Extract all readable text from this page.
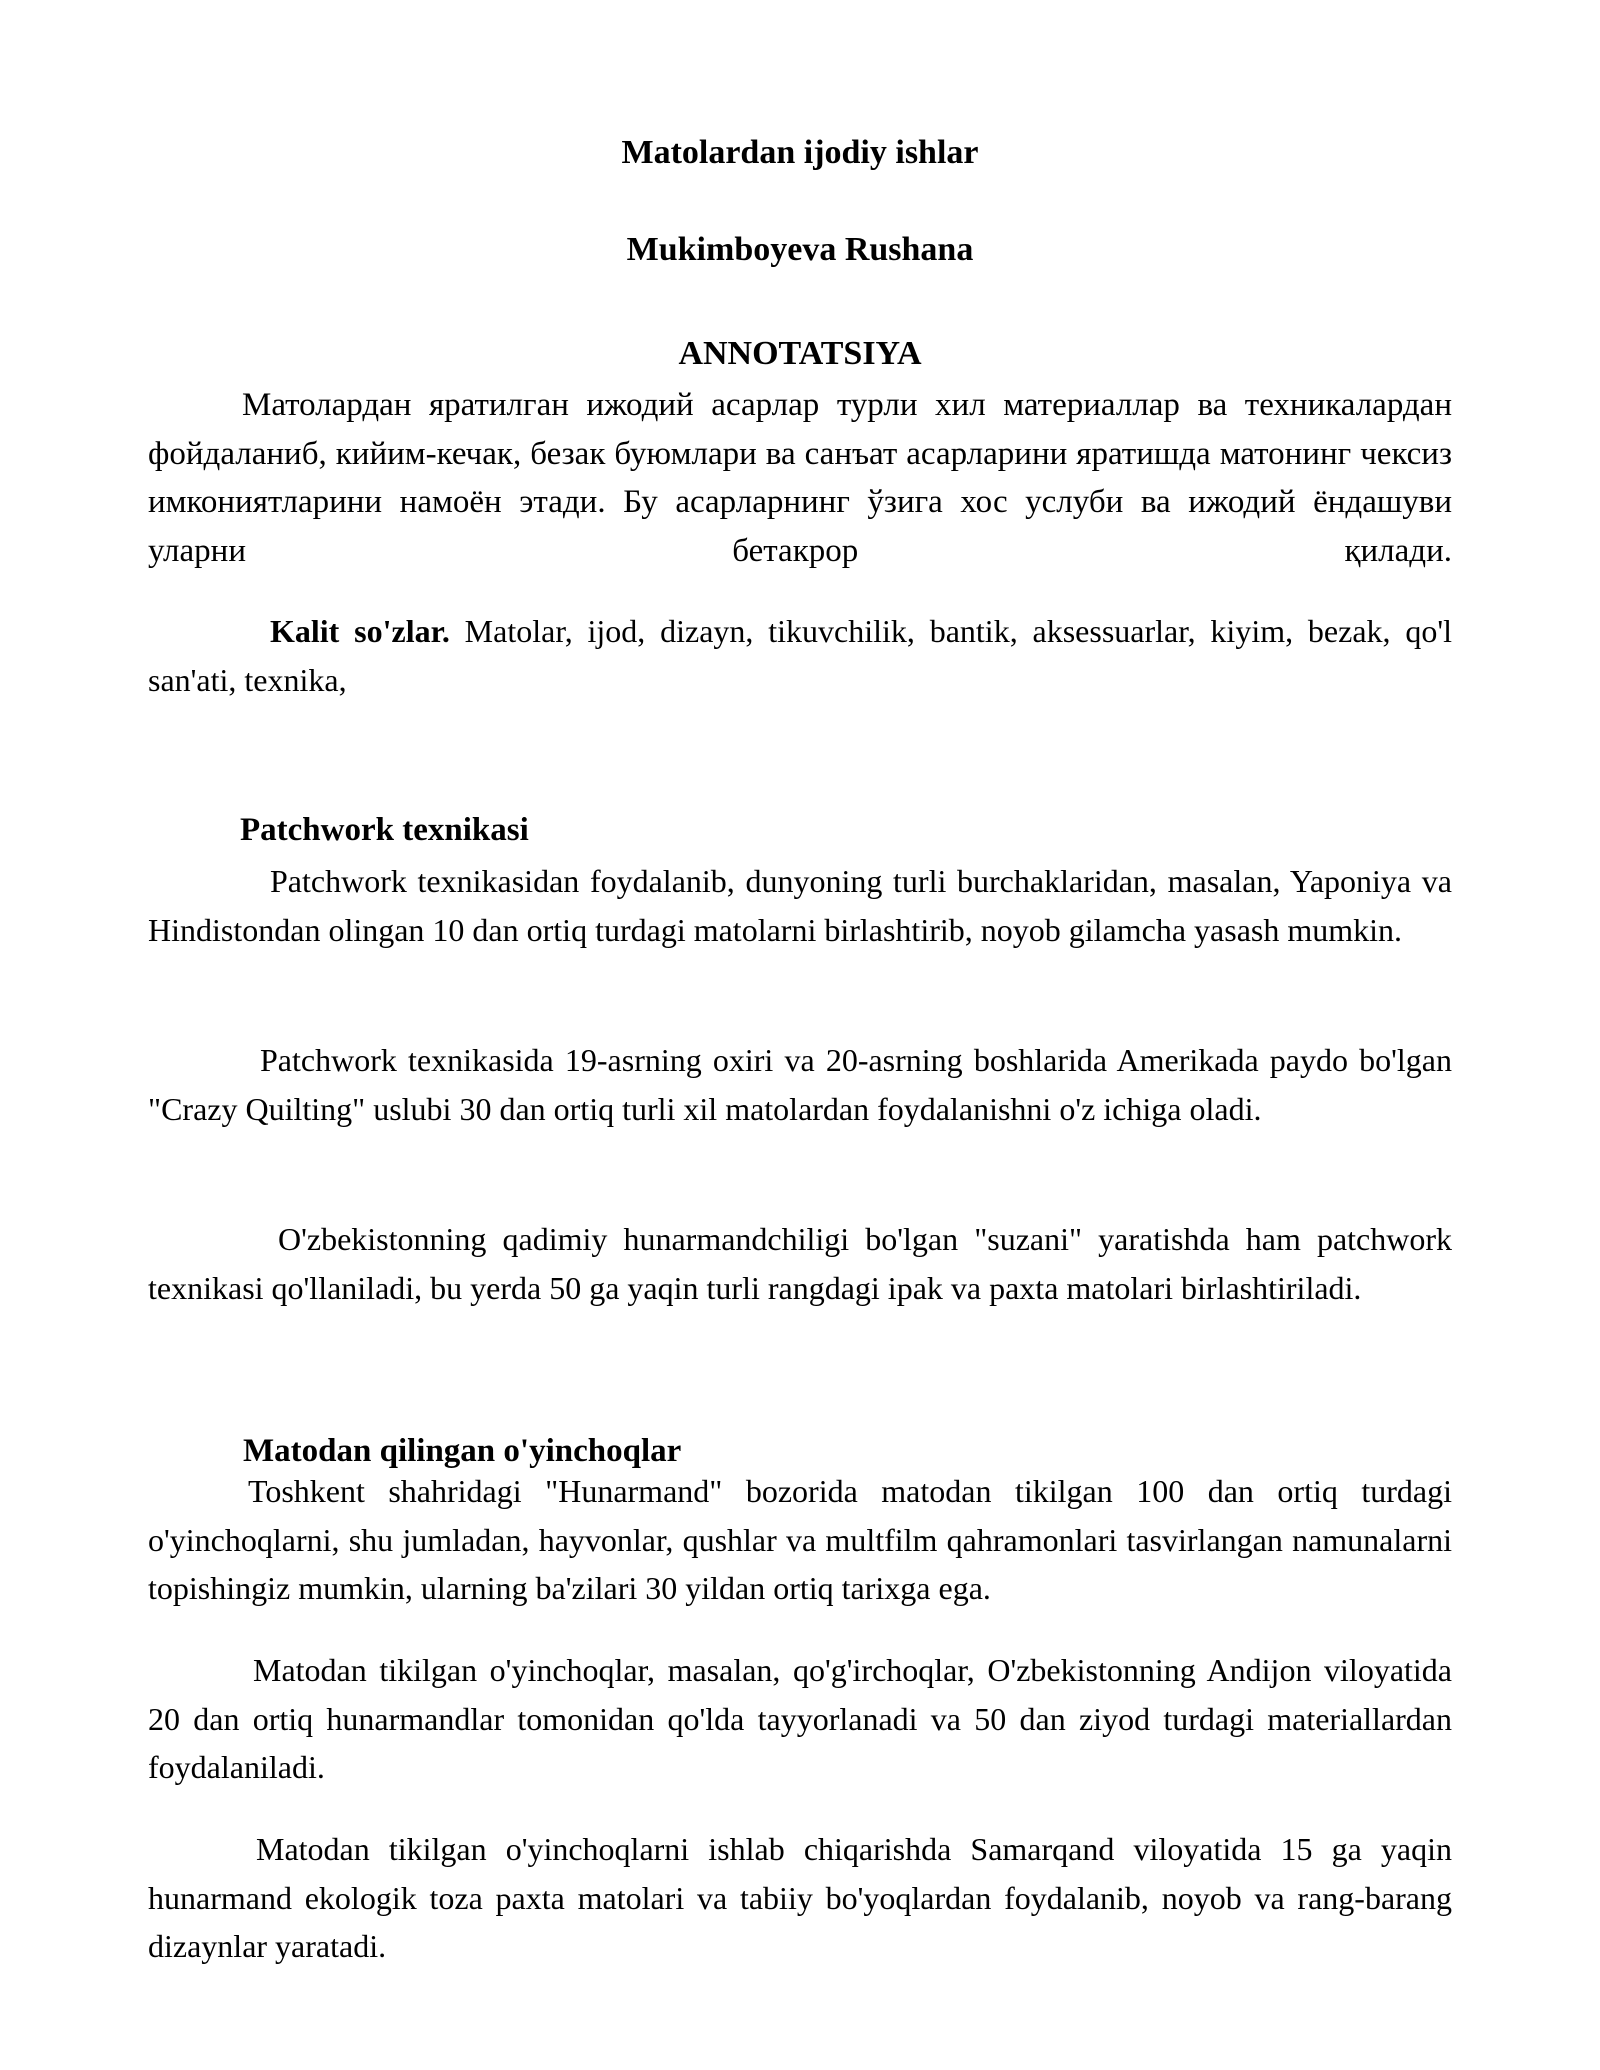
Matolardan ijodiy ishlar
Mukimboyeva Rushana
ANNOTATSIYA

Матолардан яратилган ижодий асарлар турли хил материаллар ва техникалардан фойдаланиб, кийим-кечак, безак буюмлари ва санъат асарларини яратишда матонинг чексиз имкониятларини намоён этади. Бу асарларнинг ўзига хос услуби ва ижодий ёндашуви уларни бетакрор қилади.

Kalit so'zlar. Matolar, ijod, dizayn, tikuvchilik, bantik, aksessuarlar, kiyim, bezak, qo'l san'ati, texnika,

Patchwork texnikasi

Patchwork texnikasidan foydalanib, dunyoning turli burchaklaridan, masalan, Yaponiya va Hindistondan olingan 10 dan ortiq turdagi matolarni birlashtirib, noyob gilamcha yasash mumkin.

Patchwork texnikasida 19-asrning oxiri va 20-asrning boshlarida Amerikada paydo bo'lgan "Crazy Quilting" uslubi 30 dan ortiq turli xil matolardan foydalanishni o'z ichiga oladi.

O'zbekistonning qadimiy hunarmandchiligi bo'lgan "suzani" yaratishda ham patchwork texnikasi qo'llaniladi, bu yerda 50 ga yaqin turli rangdagi ipak va paxta matolari birlashtiriladi.

Matodan qilingan o'yinchoqlar

Toshkent shahridagi "Hunarmand" bozorida matodan tikilgan 100 dan ortiq turdagi o'yinchoqlarni, shu jumladan, hayvonlar, qushlar va multfilm qahramonlari tasvirlangan namunalarni topishingiz mumkin, ularning ba'zilari 30 yildan ortiq tarixga ega.

Matodan tikilgan o'yinchoqlar, masalan, qo'g'irchoqlar, O'zbekistonning Andijon viloyatida 20 dan ortiq hunarmandlar tomonidan qo'lda tayyorlanadi va 50 dan ziyod turdagi materiallardan foydalaniladi.

Matodan tikilgan o'yinchoqlarni ishlab chiqarishda Samarqand viloyatida 15 ga yaqin hunarmand ekologik toza paxta matolari va tabiiy bo'yoqlardan foydalanib, noyob va rang-barang dizaynlar yaratadi.
